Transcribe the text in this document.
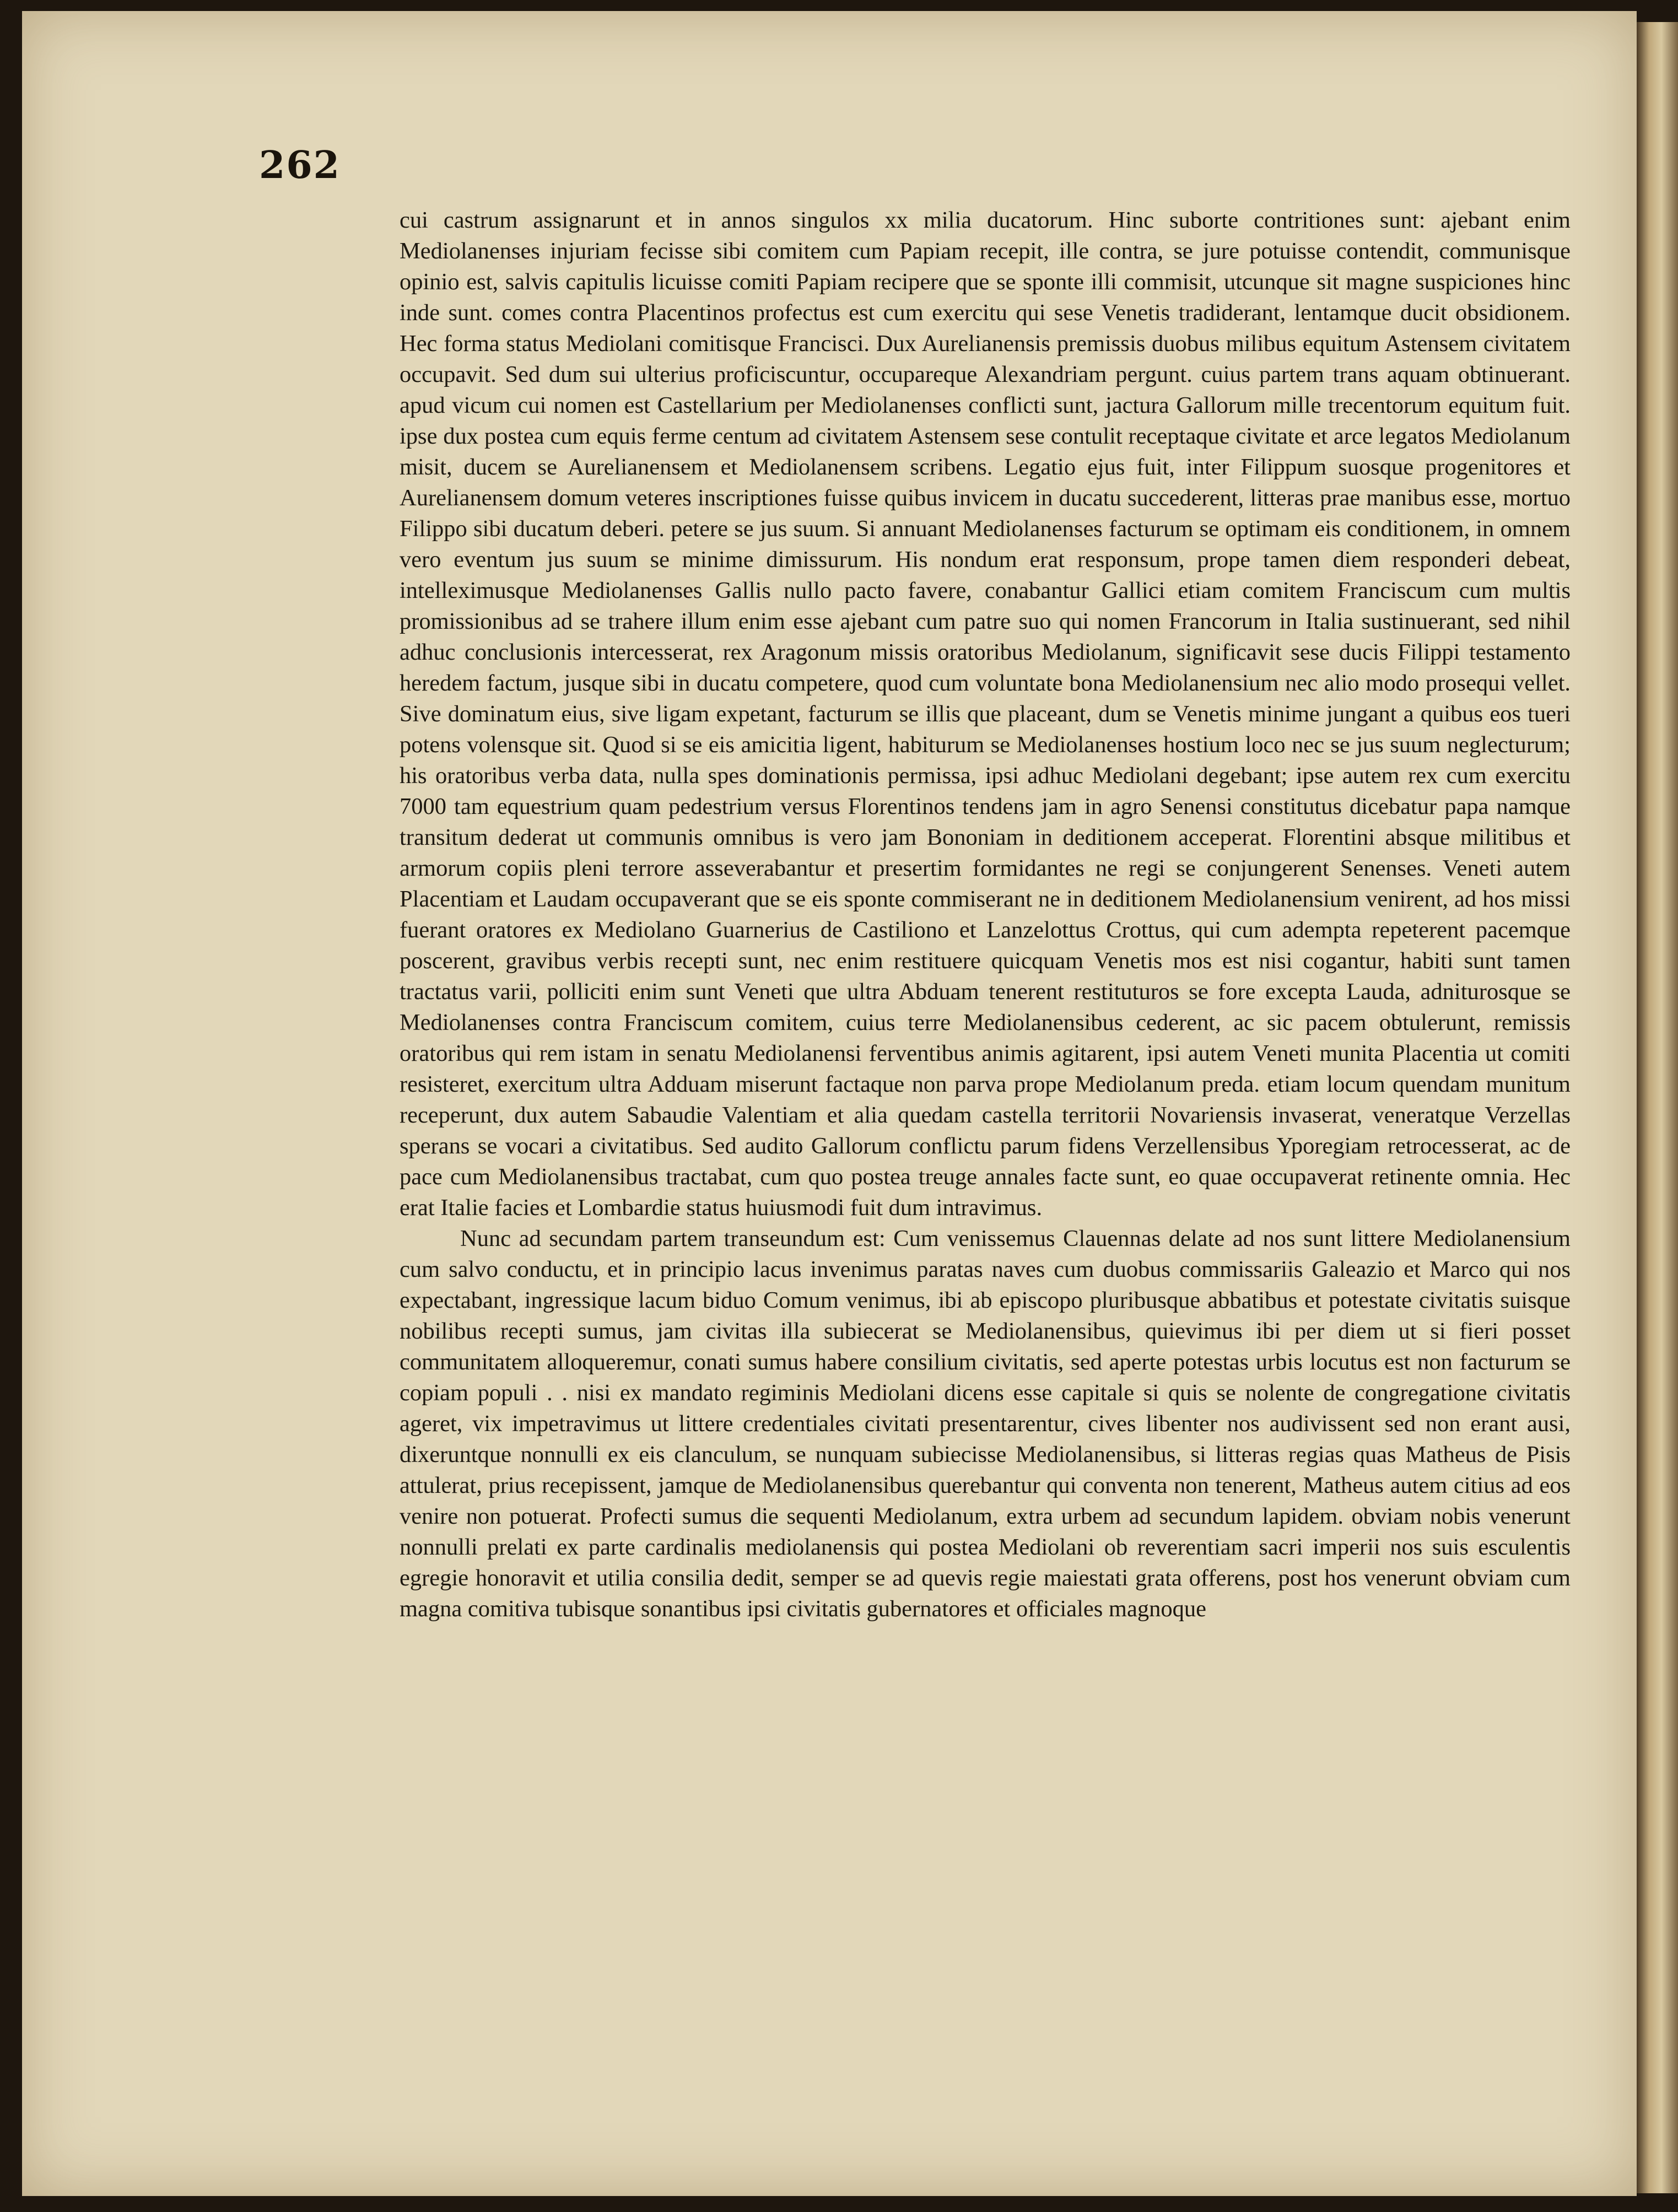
262

cui castrum assignarunt et in annos singulos xx milia ducatorum. Hinc suborte contritiones sunt: ajebant enim Mediolanenses injuriam fecisse sibi comitem cum Papiam recepit, ille contra, se jure potuisse contendit, communisque opinio est, salvis capitulis licuisse comiti Papiam recipere que se sponte illi commisit, utcunque sit magne suspiciones hinc inde sunt. comes contra Placentinos profectus est cum exercitu qui sese Venetis tradiderant, lentamque ducit obsidionem. Hec forma status Mediolani comitisque Francisci. Dux Aurelianensis premissis duobus milibus equitum Astensem civitatem occupavit. Sed dum sui ulterius proficiscuntur, occupareque Alexandriam pergunt. cuius partem trans aquam obtinuerant. apud vicum cui nomen est Castellarium per Mediolanenses conflicti sunt, jactura Gallorum mille trecentorum equitum fuit. ipse dux postea cum equis ferme centum ad civitatem Astensem sese contulit receptaque civitate et arce legatos Mediolanum misit, ducem se Aurelianensem et Mediolanensem scribens. Legatio ejus fuit, inter Filippum suosque progenitores et Aurelianensem domum veteres inscriptiones fuisse quibus invicem in ducatu succederent, litteras prae manibus esse, mortuo Filippo sibi ducatum deberi. petere se jus suum. Si annuant Mediolanenses facturum se optimam eis conditionem, in omnem vero eventum jus suum se minime dimissurum. His nondum erat responsum, prope tamen diem responderi debeat, intelleximusque Mediolanenses Gallis nullo pacto favere, conabantur Gallici etiam comitem Franciscum cum multis promissionibus ad se trahere illum enim esse ajebant cum patre suo qui nomen Francorum in Italia sustinuerant, sed nihil adhuc conclusionis intercesserat, rex Aragonum missis oratoribus Mediolanum, significavit sese ducis Filippi testamento heredem factum, jusque sibi in ducatu competere, quod cum voluntate bona Mediolanensium nec alio modo prosequi vellet. Sive dominatum eius, sive ligam expetant, facturum se illis que placeant, dum se Venetis minime jungant a quibus eos tueri potens volensque sit. Quod si se eis amicitia ligent, habiturum se Mediolanenses hostium loco nec se jus suum neglecturum; his oratoribus verba data, nulla spes dominationis permissa, ipsi adhuc Mediolani degebant; ipse autem rex cum exercitu 7000 tam equestrium quam pedestrium versus Florentinos tendens jam in agro Senensi constitutus dicebatur papa namque transitum dederat ut communis omnibus is vero jam Bononiam in deditionem acceperat. Florentini absque militibus et armorum copiis pleni terrore asseverabantur et presertim formidantes ne regi se conjungerent Senenses. Veneti autem Placentiam et Laudam occupaverant que se eis sponte commiserant ne in deditionem Mediolanensium venirent, ad hos missi fuerant oratores ex Mediolano Guarnerius de Castiliono et Lanzelottus Crottus, qui cum adempta repeterent pacemque poscerent, gravibus verbis recepti sunt, nec enim restituere quicquam Venetis mos est nisi cogantur, habiti sunt tamen tractatus varii, polliciti enim sunt Veneti que ultra Abduam tenerent restituturos se fore excepta Lauda, adniturosque se Mediolanenses contra Franciscum comitem, cuius terre Mediolanensibus cederent, ac sic pacem obtulerunt, remissis oratoribus qui rem istam in senatu Mediolanensi ferventibus animis agitarent, ipsi autem Veneti munita Placentia ut comiti resisteret, exercitum ultra Adduam miserunt factaque non parva prope Mediolanum preda. etiam locum quendam munitum receperunt, dux autem Sabaudie Valentiam et alia quedam castella territorii Novariensis invaserat, veneratque Verzellas sperans se vocari a civitatibus. Sed audito Gallorum conflictu parum fidens Verzellensibus Yporegiam retrocesserat, ac de pace cum Mediolanensibus tractabat, cum quo postea treuge annales facte sunt, eo quae occupaverat retinente omnia. Hec erat Italie facies et Lombardie status huiusmodi fuit dum intravimus.

Nunc ad secundam partem transeundum est: Cum venissemus Clauennas delate ad nos sunt littere Mediolanensium cum salvo conductu, et in principio lacus invenimus paratas naves cum duobus commissariis Galeazio et Marco qui nos expectabant, ingressique lacum biduo Comum venimus, ibi ab episcopo pluribusque abbatibus et potestate civitatis suisque nobilibus recepti sumus, jam civitas illa subiecerat se Mediolanensibus, quievimus ibi per diem ut si fieri posset communitatem alloqueremur, conati sumus habere consilium civitatis, sed aperte potestas urbis locutus est non facturum se copiam populi . . nisi ex mandato regiminis Mediolani dicens esse capitale si quis se nolente de congregatione civitatis ageret, vix impetravimus ut littere credentiales civitati presentarentur, cives libenter nos audivissent sed non erant ausi, dixeruntque nonnulli ex eis clanculum, se nunquam subiecisse Mediolanensibus, si litteras regias quas Matheus de Pisis attulerat, prius recepissent, jamque de Mediolanensibus querebantur qui conventa non tenerent, Matheus autem citius ad eos venire non potuerat. Profecti sumus die sequenti Mediolanum, extra urbem ad secundum lapidem. obviam nobis venerunt nonnulli prelati ex parte cardinalis mediolanensis qui postea Mediolani ob reverentiam sacri imperii nos suis esculentis egregie honoravit et utilia consilia dedit, semper se ad quevis regie maiestati grata offerens, post hos venerunt obviam cum magna comitiva tubisque sonantibus ipsi civitatis gubernatores et officiales magnoque
